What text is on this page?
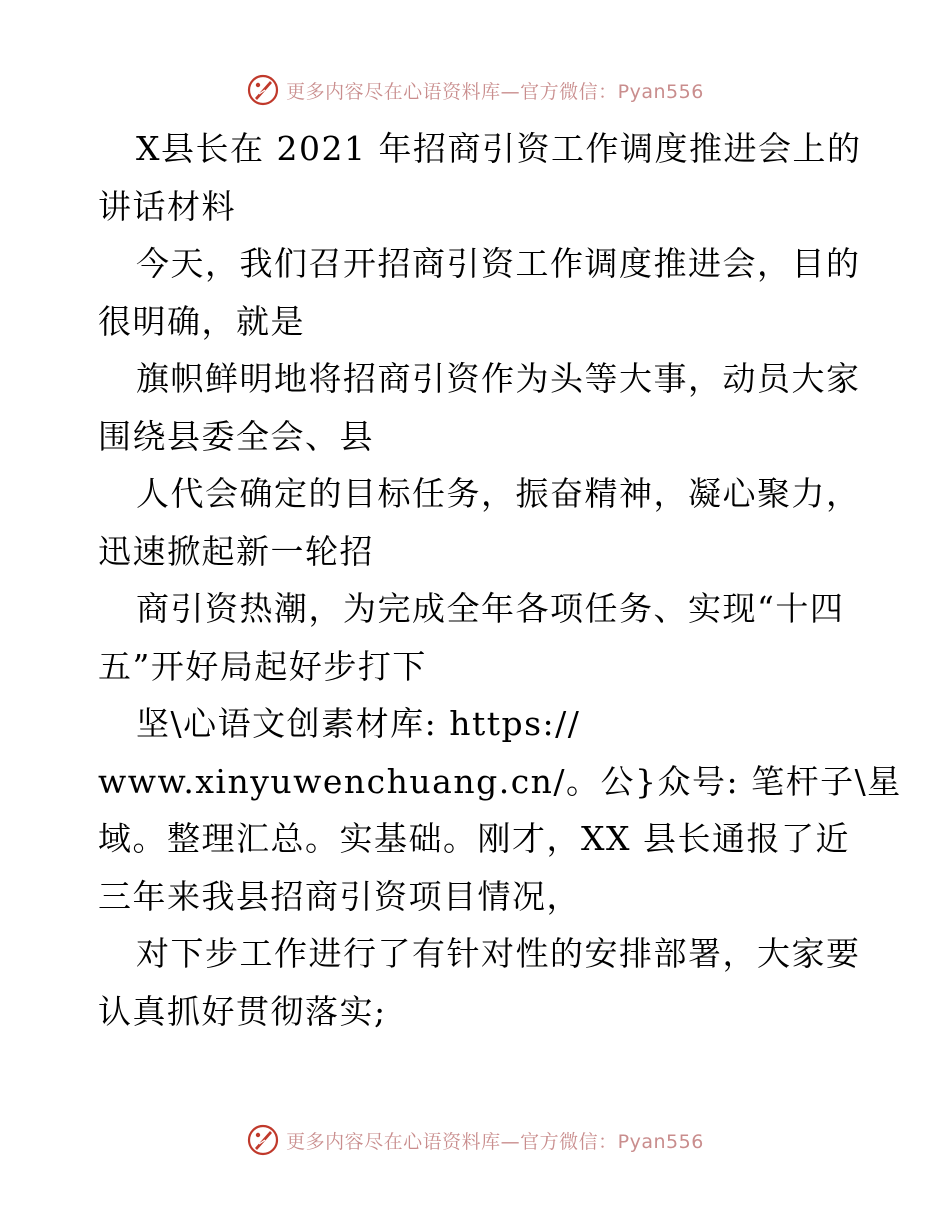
更多内容尽在心语资料库—官方微信：Pyan556
X县长在 2021 年招商引资工作调度推进会上的
讲话材料
今天，我们召开招商引资工作调度推进会，目的
很明确，就是
旗帜鲜明地将招商引资作为头等大事，动员大家
围绕县委全会、县
人代会确定的目标任务，振奋精神，凝心聚力，
迅速掀起新一轮招
商引资热潮，为完成全年各项任务、实现“十四
五”开好局起好步打下
坚\心语文创素材库: https://
www.xinyuwenchuang.cn/。公}众号: 笔杆子\星
域。整理汇总。实基础。刚才，XX 县长通报了近
三年来我县招商引资项目情况，
对下步工作进行了有针对性的安排部署，大家要
认真抓好贯彻落实;
更多内容尽在心语资料库—官方微信：Pyan556
